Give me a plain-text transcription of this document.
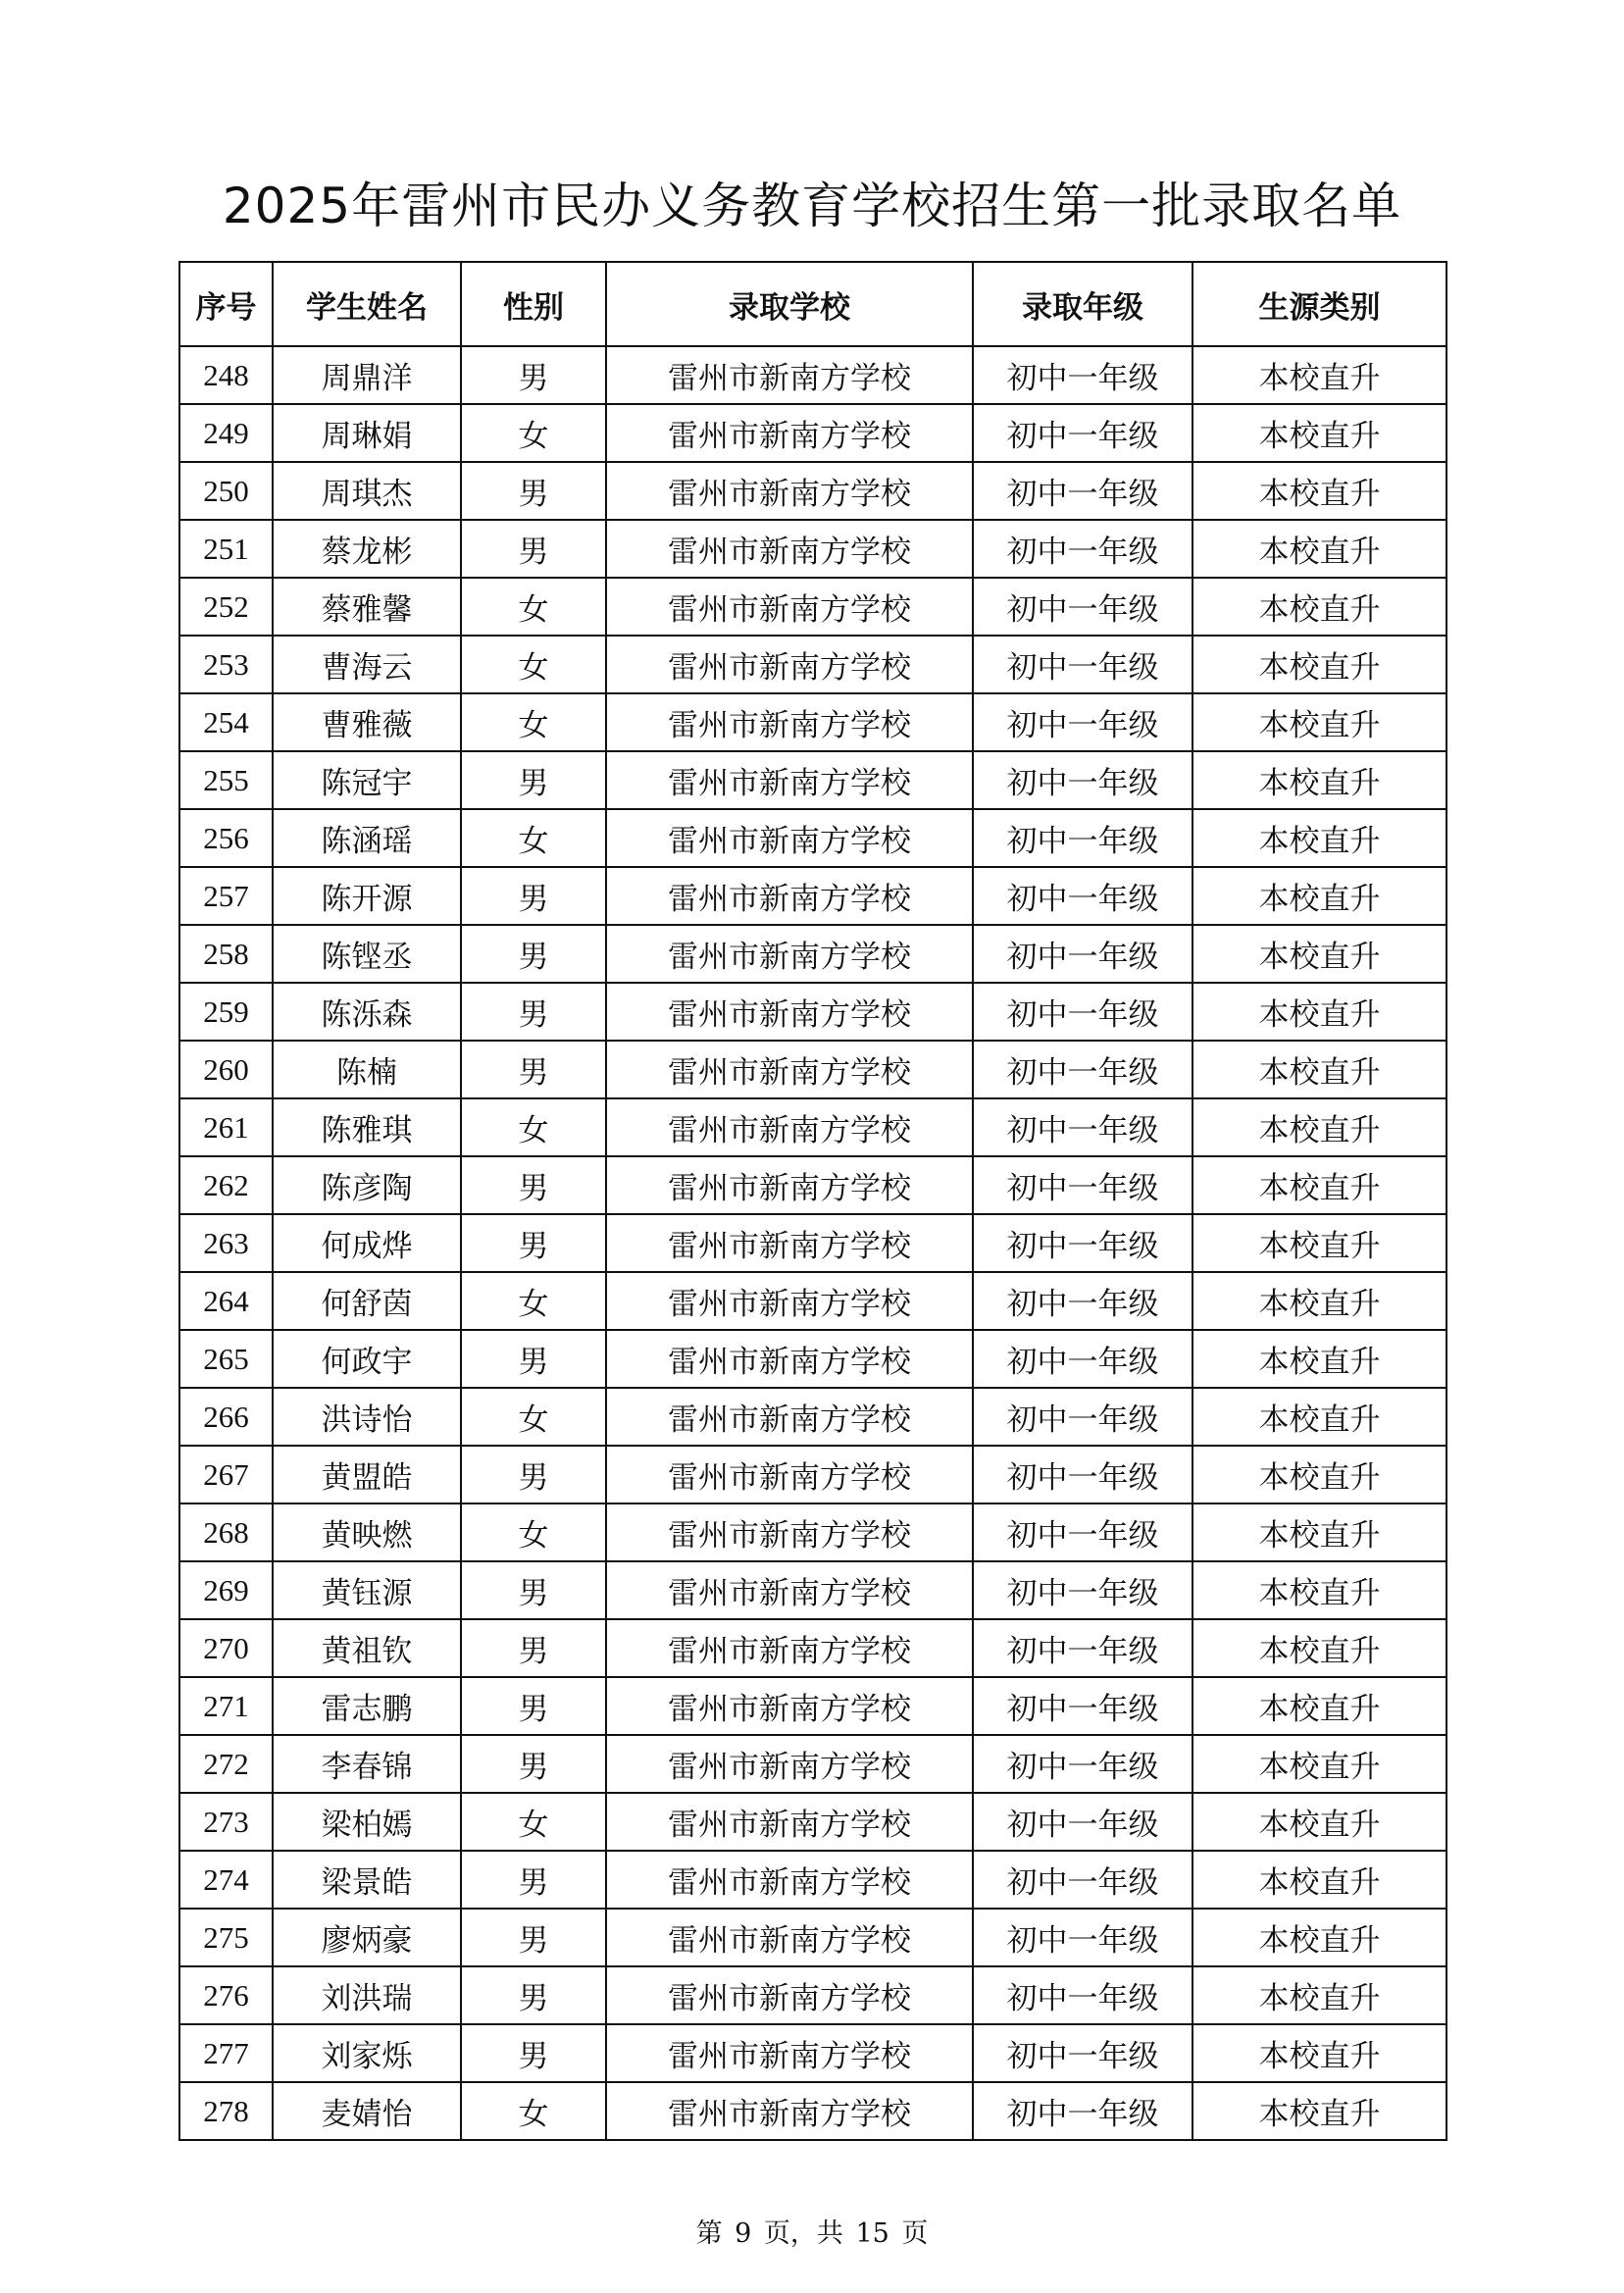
2025年雷州市民办义务教育学校招生第一批录取名单
序号	学生姓名	性别	录取学校	录取年级	生源类别
248	周鼎洋	男	雷州市新南方学校	初中一年级	本校直升
249	周琳娟	女	雷州市新南方学校	初中一年级	本校直升
250	周琪杰	男	雷州市新南方学校	初中一年级	本校直升
251	蔡龙彬	男	雷州市新南方学校	初中一年级	本校直升
252	蔡雅馨	女	雷州市新南方学校	初中一年级	本校直升
253	曹海云	女	雷州市新南方学校	初中一年级	本校直升
254	曹雅薇	女	雷州市新南方学校	初中一年级	本校直升
255	陈冠宇	男	雷州市新南方学校	初中一年级	本校直升
256	陈涵瑶	女	雷州市新南方学校	初中一年级	本校直升
257	陈开源	男	雷州市新南方学校	初中一年级	本校直升
258	陈铿丞	男	雷州市新南方学校	初中一年级	本校直升
259	陈泺森	男	雷州市新南方学校	初中一年级	本校直升
260	陈楠	男	雷州市新南方学校	初中一年级	本校直升
261	陈雅琪	女	雷州市新南方学校	初中一年级	本校直升
262	陈彦陶	男	雷州市新南方学校	初中一年级	本校直升
263	何成烨	男	雷州市新南方学校	初中一年级	本校直升
264	何舒茵	女	雷州市新南方学校	初中一年级	本校直升
265	何政宇	男	雷州市新南方学校	初中一年级	本校直升
266	洪诗怡	女	雷州市新南方学校	初中一年级	本校直升
267	黄盟皓	男	雷州市新南方学校	初中一年级	本校直升
268	黄映燃	女	雷州市新南方学校	初中一年级	本校直升
269	黄钰源	男	雷州市新南方学校	初中一年级	本校直升
270	黄祖钦	男	雷州市新南方学校	初中一年级	本校直升
271	雷志鹏	男	雷州市新南方学校	初中一年级	本校直升
272	李春锦	男	雷州市新南方学校	初中一年级	本校直升
273	梁柏嫣	女	雷州市新南方学校	初中一年级	本校直升
274	梁景皓	男	雷州市新南方学校	初中一年级	本校直升
275	廖炳豪	男	雷州市新南方学校	初中一年级	本校直升
276	刘洪瑞	男	雷州市新南方学校	初中一年级	本校直升
277	刘家烁	男	雷州市新南方学校	初中一年级	本校直升
278	麦婧怡	女	雷州市新南方学校	初中一年级	本校直升
第 9 页，共 15 页
